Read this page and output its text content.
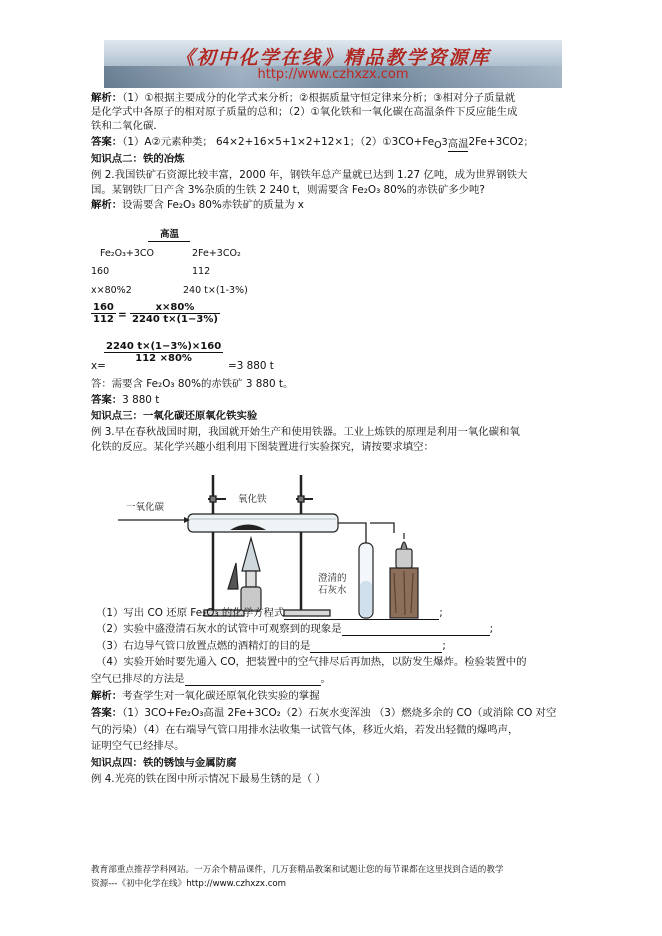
《初中化学在线》精品教学资源库
http://www.czhxzx.com
解析：（1）①根据主要成分的化学式来分析；②根据质量守恒定律来分析；③相对分子质量就
是化学式中各原子的相对原子质量的总和；（2）①氧化铁和一氧化碳在高温条件下反应能生成
铁和二氧化碳．
答案：（1）A②元素种类； 64×2+16×5+1×2+12×1；$(2)①3CO+Fe_O3$高温2Fe+3CO2；
知识点二：铁的冶炼
例 2.我国铁矿石资源比较丰富，2000 年，钢铁年总产量就已达到 1.27 亿吨，成为世界钢铁大
国。某钢铁厂日产含 3%杂质的生铁 2 240 t，则需要含 Fe₂O₃ 80%的赤铁矿多少吨?
解析：设需要含 Fe₂O₃ 80%赤铁矿的质量为 x
高温
Fe₂O₃+3CO	2Fe+3CO₂
160	112
x×80%2	240 t×(1-3%)
$\frac{160}{112} = \frac{x\times 80\%}{2240 t\times(1-3\%)}$
x=
$\frac{2240 t\times(1-3\%)\times 160}{112 \times 80\%}$
=3 880 t
答：需要含 Fe₂O₃ 80%的赤铁矿 3 880 t。
答案：3 880 t
知识点三：一氧化碳还原氧化铁实验
例 3.早在春秋战国时期，我国就开始生产和使用铁器。工业上炼铁的原理是利用一氧化碳和氧
化铁的反应。某化学兴趣小组利用下图装置进行实验探究，请按要求填空：
一氧化碳
氧化铁
澄清的
石灰水
（1）写出 CO 还原 Fe₂O₃ 的化学方程式	;
（2）实验中盛澄清石灰水的试管中可观察到的现象是	;
（3）右边导气管口放置点燃的酒精灯的目的是	;
（4）实验开始时要先通入 CO，把装置中的空气排尽后再加热，以防发生爆炸。检验装置中的
空气已排尽的方法是	。
解析：考查学生对一氧化碳还原氧化铁实验的掌握
答案：（1）3CO+Fe₂O₃高温 2Fe+3CO₂（2）石灰水变浑浊 （3）燃烧多余的 CO（或消除 CO 对空
气的污染）（4）在右端导气管口用排水法收集一试管气体，移近火焰，若发出轻微的爆鸣声，
证明空气已经排尽。
知识点四：铁的锈蚀与金属防腐
例 4.光亮的铁在图中所示情况下最易生锈的是（ ）
教育部重点推荐学科网站。一万余个精品课件，几万套精品教案和试题让您的每节课都在这里找到合适的教学
资源---《初中化学在线》http://www.czhxzx.com
